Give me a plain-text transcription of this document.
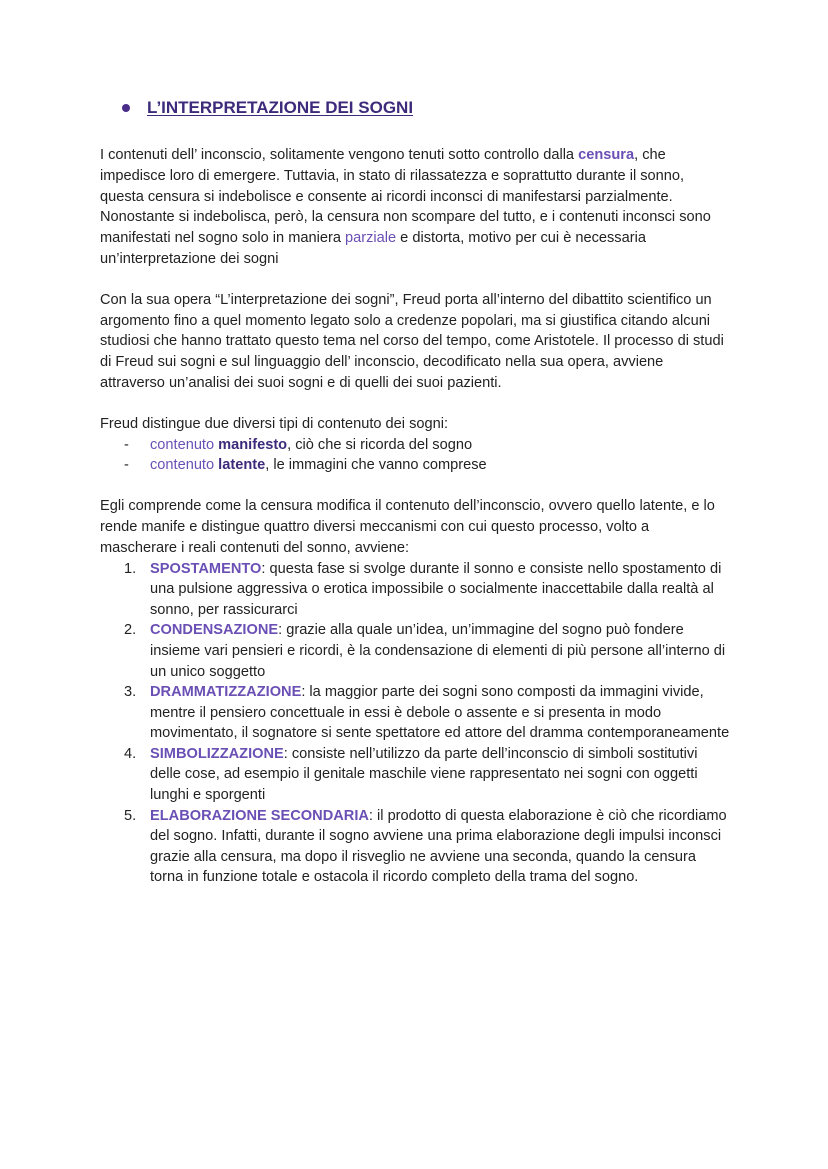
L’INTERPRETAZIONE DEI SOGNI

I contenuti dell’ inconscio, solitamente vengono tenuti sotto controllo dalla censura, che impedisce loro di emergere. Tuttavia, in stato di rilassatezza e soprattutto durante il sonno, questa censura si indebolisce e consente ai ricordi inconsci di manifestarsi parzialmente. Nonostante si indebolisca, però, la censura non scompare del tutto, e i contenuti inconsci sono manifestati nel sogno solo in maniera parziale e distorta, motivo per cui è necessaria un’interpretazione dei sogni

Con la sua opera “L’interpretazione dei sogni”, Freud porta all’interno del dibattito scientifico un argomento fino a quel momento legato solo a credenze popolari, ma si giustifica citando alcuni studiosi che hanno trattato questo tema nel corso del tempo, come Aristotele. Il processo di studi di Freud sui sogni e sul linguaggio dell’ inconscio, decodificato nella sua opera, avviene attraverso un’analisi dei suoi sogni e di quelli dei suoi pazienti.

Freud distingue due diversi tipi di contenuto dei sogni:

- contenuto manifesto, ciò che si ricorda del sogno
- contenuto latente, le immagini che vanno comprese

Egli comprende come la censura modifica il contenuto dell’inconscio, ovvero quello latente, e lo rende manife e distingue quattro diversi meccanismi con cui questo processo, volto a mascherare i reali contenuti del sonno, avviene:

1. SPOSTAMENTO: questa fase si svolge durante il sonno e consiste nello spostamento di una pulsione aggressiva o erotica impossibile o socialmente inaccettabile dalla realtà al sonno, per rassicurarci
2. CONDENSAZIONE: grazie alla quale un’idea, un’immagine del sogno può fondere insieme vari pensieri e ricordi, è la condensazione di elementi di più persone all’interno di un unico soggetto
3. DRAMMATIZZAZIONE: la maggior parte dei sogni sono composti da immagini vivide, mentre il pensiero concettuale in essi è debole o assente e si presenta in modo movimentato, il sognatore si sente spettatore ed attore del dramma contemporaneamente
4. SIMBOLIZZAZIONE: consiste nell’utilizzo da parte dell’inconscio di simboli sostitutivi delle cose, ad esempio il genitale maschile viene rappresentato nei sogni con oggetti lunghi e sporgenti
5. ELABORAZIONE SECONDARIA: il prodotto di questa elaborazione è ciò che ricordiamo del sogno. Infatti, durante il sogno avviene una prima elaborazione degli impulsi inconsci grazie alla censura, ma dopo il risveglio ne avviene una seconda, quando la censura torna in funzione totale e ostacola il ricordo completo della trama del sogno.
